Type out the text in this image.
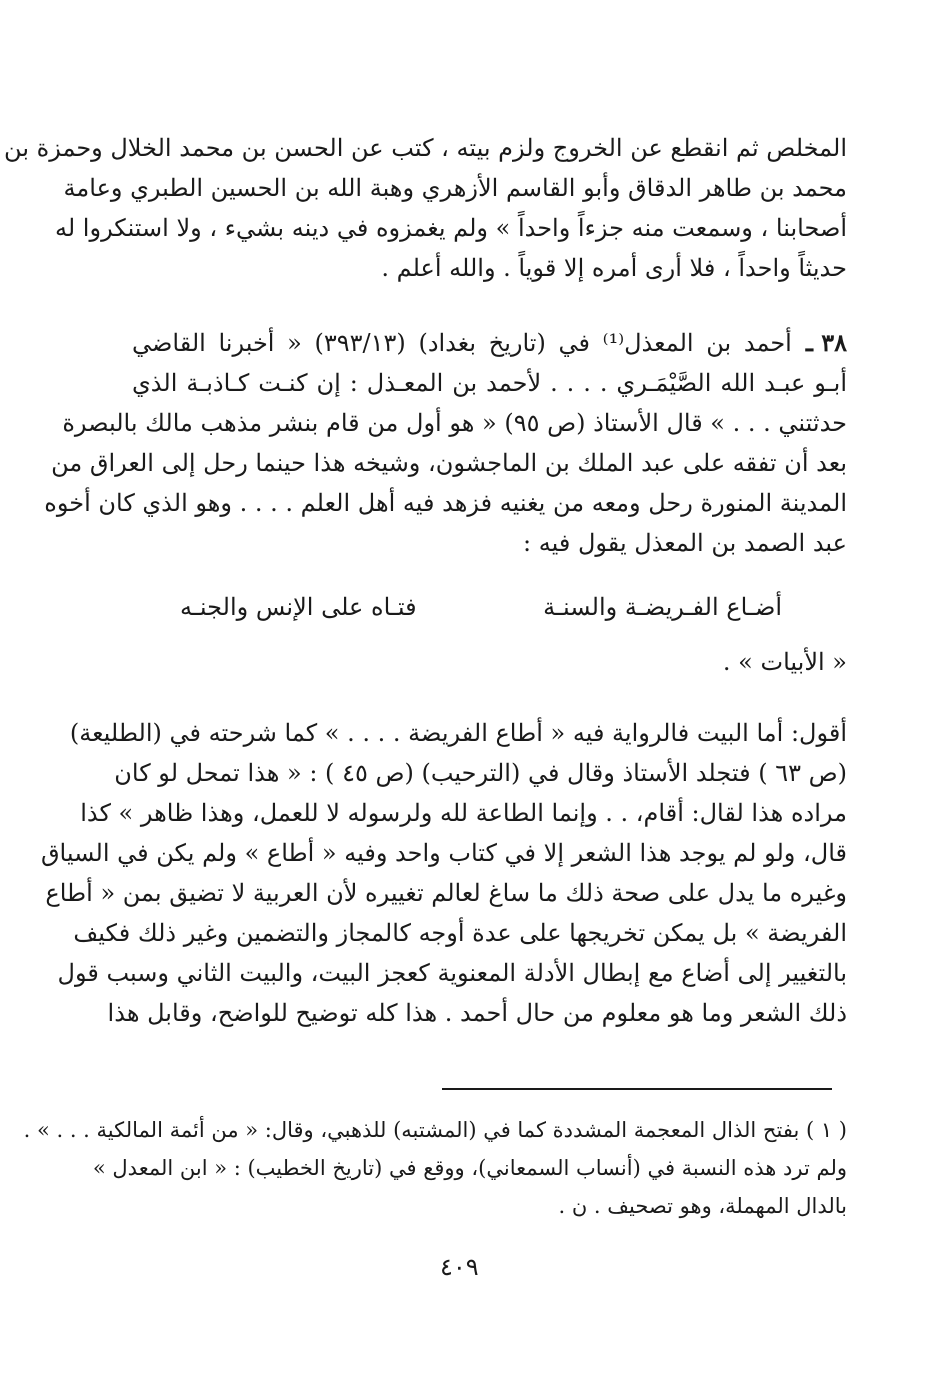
المخلص ثم انقطع عن الخروج ولزم بيته ، كتب عن الحسن بن محمد الخلال وحمزة بن
محمد بن طاهر الدقاق وأبو القاسم الأزهري وهبة الله بن الحسين الطبري وعامة
أصحابنا ، وسمعت منه جزءاً واحداً » ولم يغمزوه في دينه بشيء ، ولا استنكروا له
حديثاً واحداً ، فلا أرى أمره إلا قوياً . والله أعلم .
٣٨ ـ
أحمد بن المعذل⁽¹⁾ في (تاريخ بغداد) (٣٩٣/١٣) « أخبرنا القاضي
أبـو عبـد الله الصَّيْمَـري . . . . لأحمد بن المعـذل : إن كنـت كـاذبـة الذي
حدثتني . . . » قال الأستاذ (ص ٩٥) « هو أول من قام بنشر مذهب مالك بالبصرة
بعد أن تفقه على عبد الملك بن الماجشون، وشيخه هذا حينما رحل إلى العراق من
المدينة المنورة رحل ومعه من يغنيه فزهد فيه أهل العلم . . . . وهو الذي كان أخوه
عبد الصمد بن المعذل يقول فيه :
أضـاع الفـريضـة والسنـة
فتـاه على الإنس والجنـه
« الأبيات » .
أقول: أما البيت فالرواية فيه « أطاع الفريضة . . . . » كما شرحته في (الطليعة)
(ص ٦٣ ) فتجلد الأستاذ وقال في (الترحيب) (ص ٤٥ ) : « هذا تمحل لو كان
مراده هذا لقال: أقام، . . وإنما الطاعة لله ولرسوله لا للعمل، وهذا ظاهر » كذا
قال، ولو لم يوجد هذا الشعر إلا في كتاب واحد وفيه « أطاع » ولم يكن في السياق
وغيره ما يدل على صحة ذلك ما ساغ لعالم تغييره لأن العربية لا تضيق بمن « أطاع
الفريضة » بل يمكن تخريجها على عدة أوجه كالمجاز والتضمين وغير ذلك فكيف
بالتغيير إلى أضاع مع إبطال الأدلة المعنوية كعجز البيت، والبيت الثاني وسبب قول
ذلك الشعر وما هو معلوم من حال أحمد . هذا كله توضيح للواضح، وقابل هذا
( ١ ) بفتح الذال المعجمة المشددة كما في (المشتبه) للذهبي، وقال: « من أئمة المالكية . . . » .
ولم ترد هذه النسبة في (أنساب السمعاني)، ووقع في (تاريخ الخطيب) : « ابن المعدل »
بالدال المهملة، وهو تصحيف . ن .
٤٠٩
